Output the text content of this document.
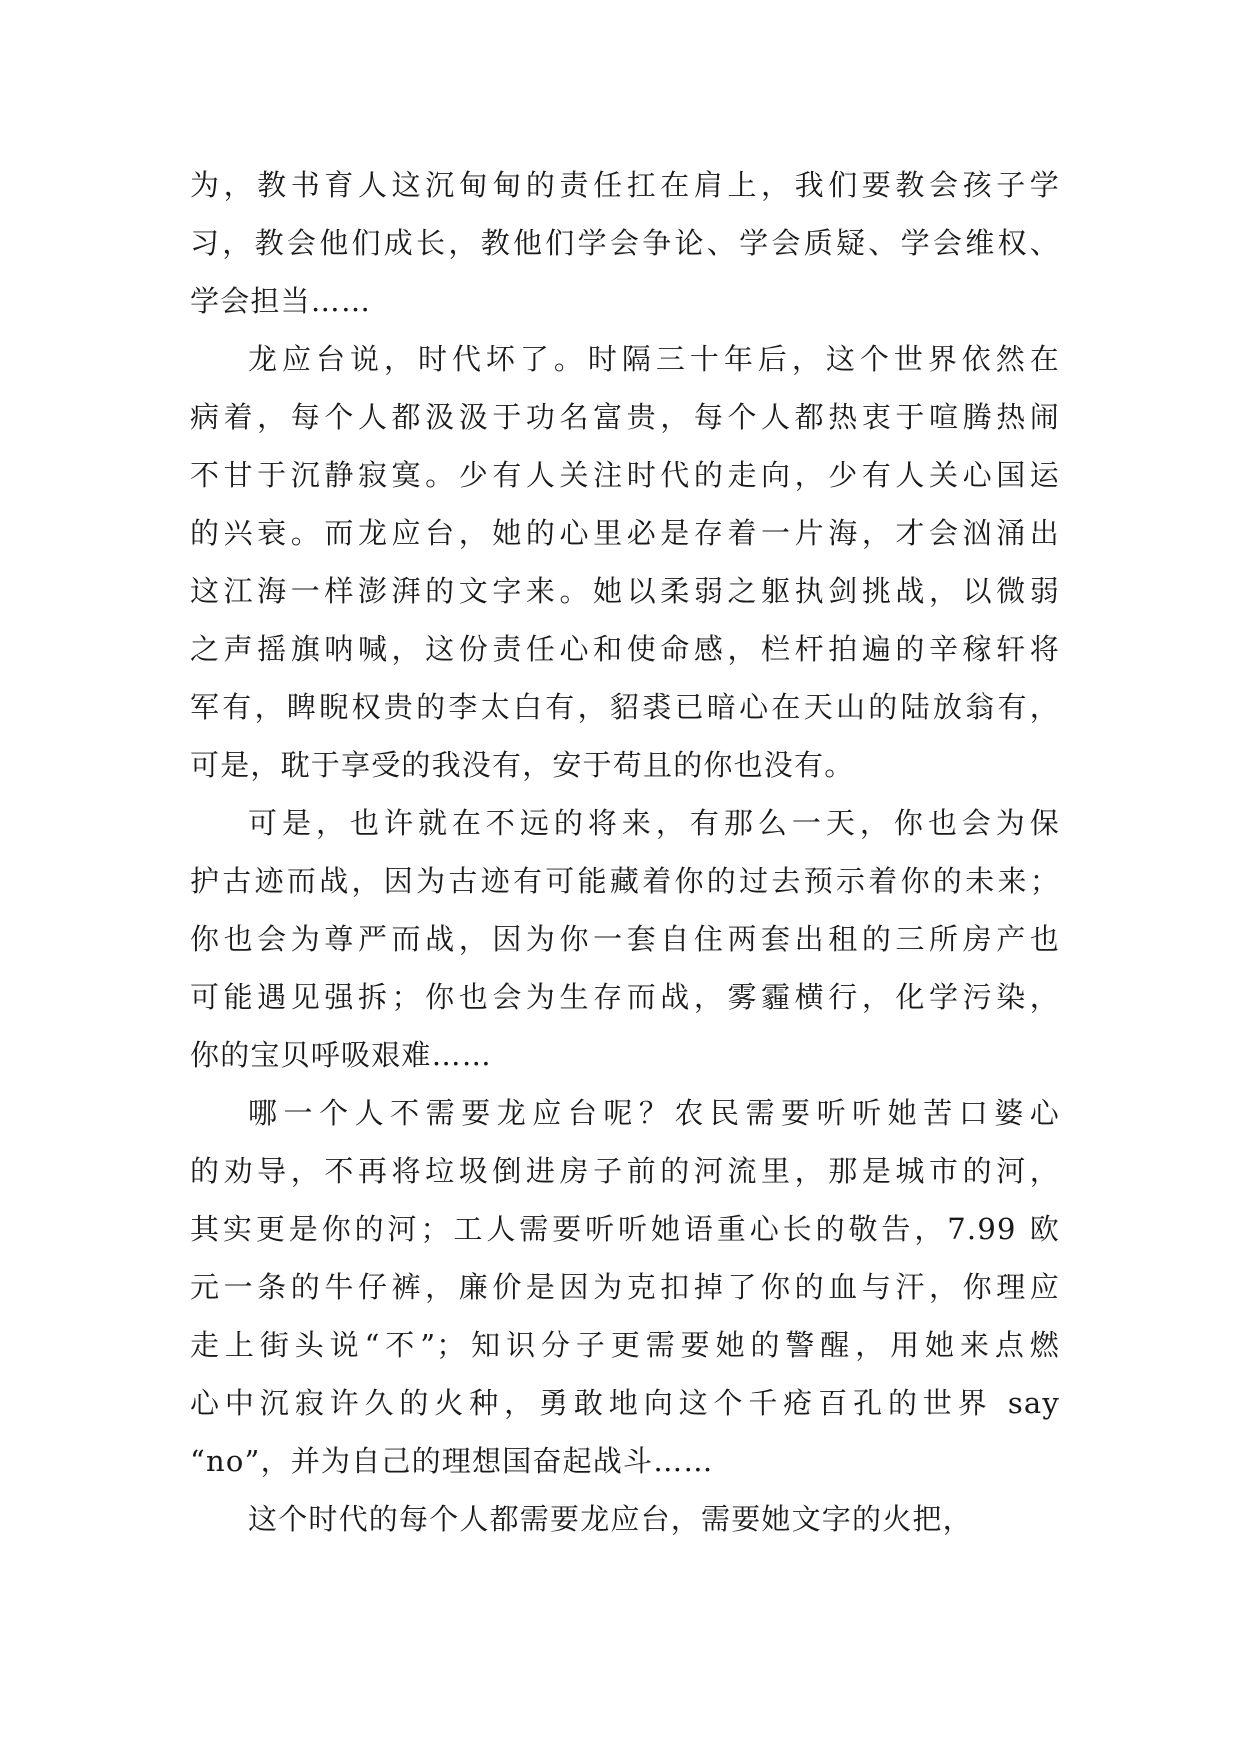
为，教书育人这沉甸甸的责任扛在肩上，我们要教会孩子学
习，教会他们成长，教他们学会争论、学会质疑、学会维权、
学会担当……
龙应台说，时代坏了。时隔三十年后，这个世界依然在
病着，每个人都汲汲于功名富贵，每个人都热衷于喧腾热闹
不甘于沉静寂寞。少有人关注时代的走向，少有人关心国运
的兴衰。而龙应台，她的心里必是存着一片海，才会汹涌出
这江海一样澎湃的文字来。她以柔弱之躯执剑挑战，以微弱
之声摇旗呐喊，这份责任心和使命感，栏杆拍遍的辛稼轩将
军有，睥睨权贵的李太白有，貂裘已暗心在天山的陆放翁有，
可是，耽于享受的我没有，安于苟且的你也没有。
可是，也许就在不远的将来，有那么一天，你也会为保
护古迹而战，因为古迹有可能藏着你的过去预示着你的未来；
你也会为尊严而战，因为你一套自住两套出租的三所房产也
可能遇见强拆；你也会为生存而战，雾霾横行，化学污染，
你的宝贝呼吸艰难……
哪一个人不需要龙应台呢？农民需要听听她苦口婆心
的劝导，不再将垃圾倒进房子前的河流里，那是城市的河，
其实更是你的河；工人需要听听她语重心长的敬告，7.99 欧
元一条的牛仔裤，廉价是因为克扣掉了你的血与汗，你理应
走上街头说“不”；知识分子更需要她的警醒，用她来点燃
心中沉寂许久的火种，勇敢地向这个千疮百孔的世界 say
“no”，并为自己的理想国奋起战斗……
这个时代的每个人都需要龙应台，需要她文字的火把，
